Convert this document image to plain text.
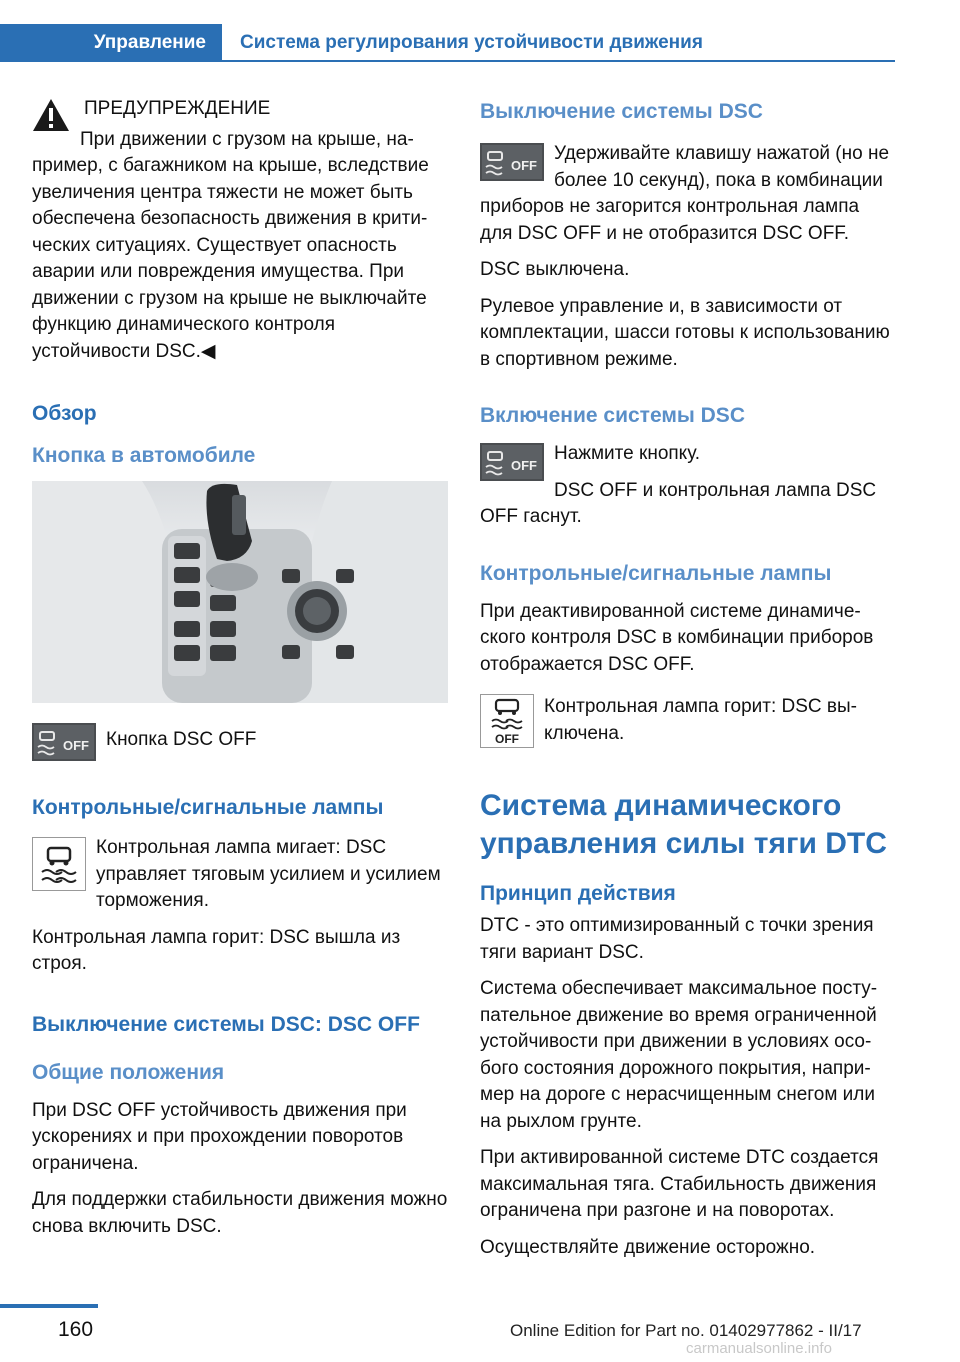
Управление	Система регулирования устойчивости движения

ПРЕДУПРЕЖДЕНИЕ

При движении с грузом на крыше, например, с багажником на крыше, вследствие увеличения центра тяжести не может быть обеспечена безопасность движения в критических ситуациях. Существует опасность аварии или повреждения имущества. При движении с грузом на крыше не выключайте функцию динамического контроля устойчивости DSC.◀

Обзор
Кнопка в автомобиле
OFF Кнопка DSC OFF

Контрольные/сигнальные лампы

Контрольная лампа мигает: DSC управляет тяговым усилием и усилием торможения.

Контрольная лампа горит: DSC вышла из строя.

Выключение системы DSC: DSC OFF
Общие положения

При DSC OFF устойчивость движения при ускорениях и при прохождении поворотов ограничена.

Для поддержки стабильности движения можно снова включить DSC.

Выключение системы DSC
OFF

Удерживайте клавишу нажатой (но не более 10 секунд), пока в комбинации приборов не загорится контрольная лампа для DSC OFF и не отобразится DSC OFF.

DSC выключена.

Рулевое управление и, в зависимости от комплектации, шасси готовы к использованию в спортивном режиме.

Включение системы DSC
OFF

Нажмите кнопку.

DSC OFF и контрольная лампа DSC OFF гаснут.

Контрольные/сигнальные лампы

При деактивированной системе динамического контроля DSC в комбинации приборов отображается DSC OFF.

OFF

Контрольная лампа горит: DSC выключена.

Система динамического управления силы тяги DTC
Принцип действия

DTC - это оптимизированный с точки зрения тяги вариант DSC.

Система обеспечивает максимальное поступательное движение во время ограниченной устойчивости при движении в условиях особого состояния дорожного покрытия, например на дороге с нерасчищенным снегом или на рыхлом грунте.

При активированной системе DTC создается максимальная тяга. Стабильность движения ограничена при разгоне и на поворотах.

Осуществляйте движение осторожно.

160	Online Edition for Part no. 01402977862 - II/17
carmanualsonline.info
